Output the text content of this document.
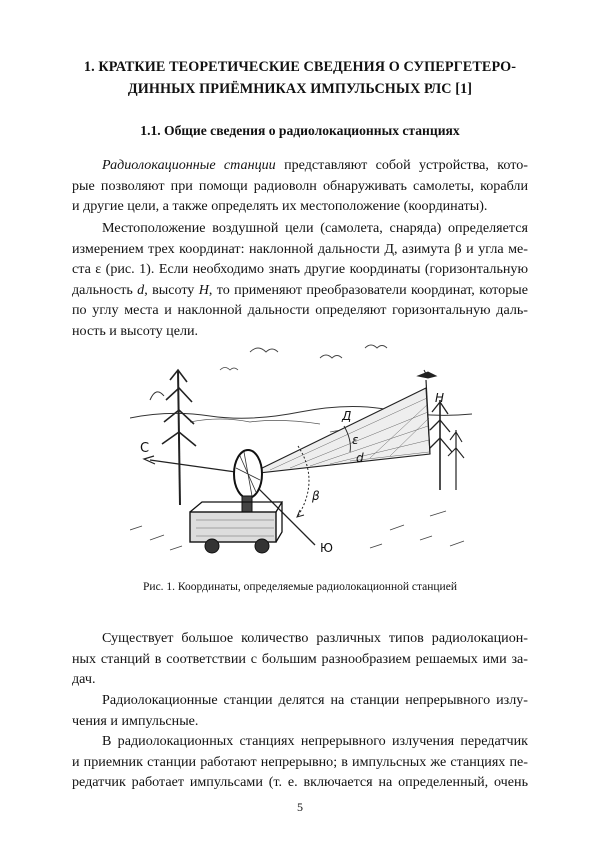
1. КРАТКИЕ ТЕОРЕТИЧЕСКИЕ СВЕДЕНИЯ О СУПЕРГЕТЕРО-
ДИННЫХ ПРИЁМНИКАХ ИМПУЛЬСНЫХ РЛС [1]
1.1. Общие сведения о радиолокационных станциях
Радиолокационные станции представляют собой устройства, кото-
рые позволяют при помощи радиоволн обнаруживать самолеты, корабли
и другие цели, а также определять их местоположение (координаты).
Местоположение воздушной цели (самолета, снаряда) определяется
измерением трех координат: наклонной дальности Д, азимута β и угла ме-
ста ε (рис. 1). Если необходимо знать другие координаты (горизонтальную
дальность d, высоту H, то применяют преобразователи координат, которые
по углу места и наклонной дальности определяют горизонтальную даль-
ность и высоту цели.
С
Ю
Д
ε
d
Н
β
Рис. 1. Координаты, определяемые радиолокационной станцией
Существует большое количество различных типов радиолокацион-
ных станций в соответствии с большим разнообразием решаемых ими за-
дач.
Радиолокационные станции делятся на станции непрерывного излу-
чения и импульсные.
В радиолокационных станциях непрерывного излучения передатчик
и приемник станции работают непрерывно; в импульсных же станциях пе-
редатчик работает импульсами (т. е. включается на определенный, очень
5
